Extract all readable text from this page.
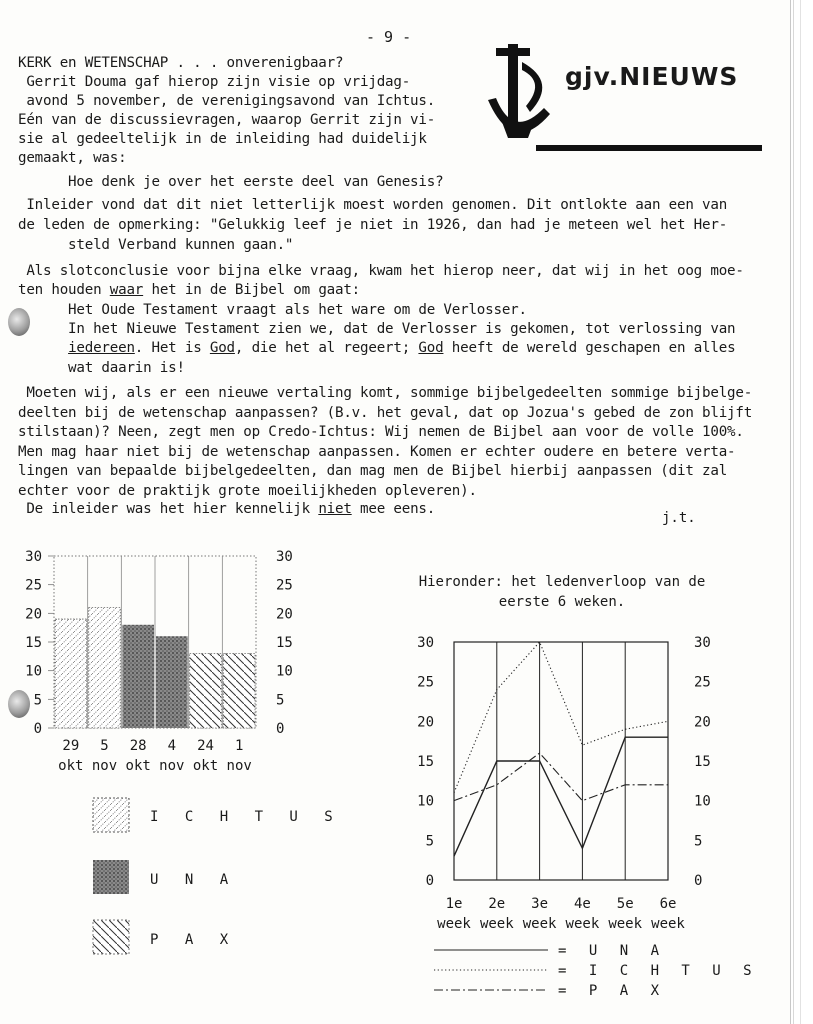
- 9 -
gjv.NIEUWS
KERK en WETENSCHAP . . . onverenigbaar?
Gerrit Douma gaf hierop zijn visie op vrijdag-
avond 5 november, de verenigingsavond van Ichtus.
Eén van de discussievragen, waarop Gerrit zijn vi-
sie al gedeeltelijk in de inleiding had duidelijk
gemaakt, was:
Hoe denk je over het eerste deel van Genesis?
Inleider vond dat dit niet letterlijk moest worden genomen. Dit ontlokte aan een van
de leden de opmerking: "Gelukkig leef je niet in 1926, dan had je meteen wel het Her-
steld Verband kunnen gaan."
Als slotconclusie voor bijna elke vraag, kwam het hierop neer, dat wij in het oog moe-
ten houden waar het in de Bijbel om gaat:
Het Oude Testament vraagt als het ware om de Verlosser.
In het Nieuwe Testament zien we, dat de Verlosser is gekomen, tot verlossing van
iedereen. Het is God, die het al regeert; God heeft de wereld geschapen en alles
wat daarin is!
Moeten wij, als er een nieuwe vertaling komt, sommige bijbelgedeelten sommige bijbelge-
deelten bij de wetenschap aanpassen? (B.v. het geval, dat op Jozua's gebed de zon blijft
stilstaan)? Neen, zegt men op Credo-Ichtus: Wij nemen de Bijbel aan voor de volle 100%.
Men mag haar niet bij de wetenschap aanpassen. Komen er echter oudere en betere verta-
lingen van bepaalde bijbelgedeelten, dan mag men de Bijbel hierbij aanpassen (dit zal
echter voor de praktijk grote moeilijkheden opleveren).
De inleider was het hier kennelijk niet mee eens.
j.t.
29
okt
5
nov
28
okt
4
nov
24
okt
1
nov
0	0
5	5
10	10
15	15
20	20
25	25
30	30
I C H T U S
U N A
P A X
Hieronder: het ledenverloop van de
eerste 6 weken.
0	0
5	5
10	10
15	15
20	20
25	25
30	30
1e
week
2e
week
3e
week
4e
week
5e
week
6e
week
= U N A
= I C H T U S
= P A X
